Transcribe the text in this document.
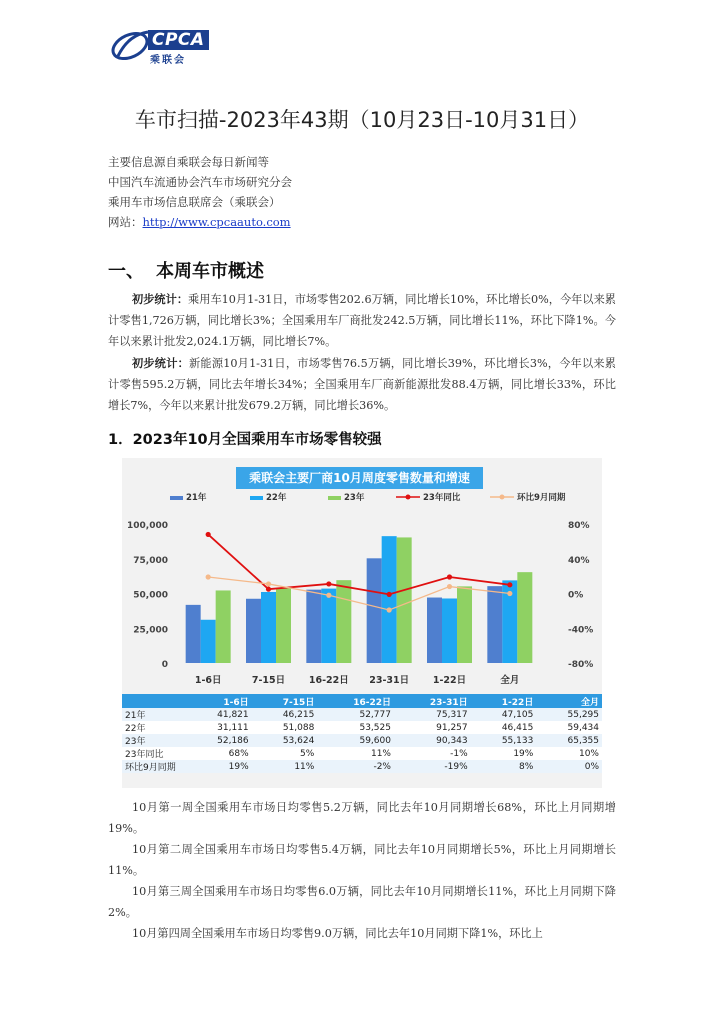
CPCA
乘联会
车市扫描-2023年43期（10月23日-10月31日）
主要信息源自乘联会每日新闻等
中国汽车流通协会汽车市场研究分会
乘用车市场信息联席会（乘联会）
网站：http://www.cpcaauto.com
一、 本周车市概述
初步统计：乘用车10月1-31日，市场零售202.6万辆，同比增长10%，环比增长0%，今年以来累计零售1,726万辆，同比增长3%；全国乘用车厂商批发242.5万辆，同比增长11%，环比下降1%。今年以来累计批发2,024.1万辆，同比增长7%。
初步统计：新能源10月1-31日，市场零售76.5万辆，同比增长39%，环比增长3%，今年以来累计零售595.2万辆，同比去年增长34%；全国乘用车厂商新能源批发88.4万辆，同比增长33%，环比增长7%，今年以来累计批发679.2万辆，同比增长36%。
1．2023年10月全国乘用车市场零售较强
乘联会主要厂商10月周度零售数量和增速
100,000
75,000
50,000
25,000
0
80%
40%
0%
-40%
-80%
21年	22年	23年	23年同比	环比9月同期
1-6日	7-15日 16-22日 23-31日 1-22日	全月
	1-6日	7-15日	16-22日	23-31日	1-22日	全月
21年	41,821	46,215	52,777	75,317	47,105	55,295
22年	31,111	51,088	53,525	91,257	46,415	59,434
23年	52,186	53,624	59,600	90,343	55,133	65,355
23年同比	68%	5%	11%	-1%	19%	10%
环比9月同期	19%	11%	-2%	-19%	8%	0%
10月第一周全国乘用车市场日均零售5.2万辆，同比去年10月同期增长68%，环比上月同期增19%。
10月第二周全国乘用车市场日均零售5.4万辆，同比去年10月同期增长5%，环比上月同期增长11%。
10月第三周全国乘用车市场日均零售6.0万辆，同比去年10月同期增长11%，环比上月同期下降2%。
10月第四周全国乘用车市场日均零售9.0万辆，同比去年10月同期下降1%，环比上
